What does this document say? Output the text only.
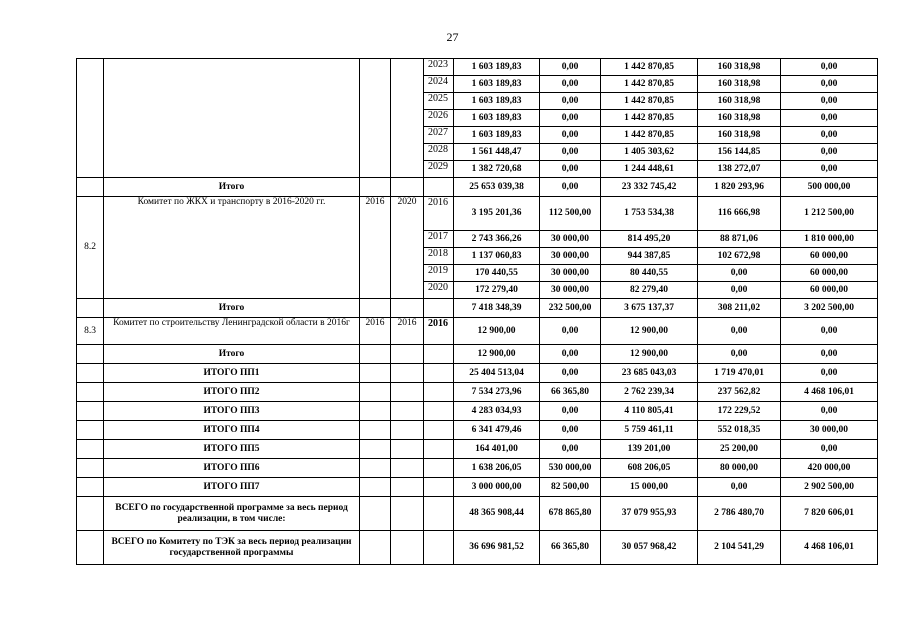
27
				2023	1 603 189,83	0,00	1 442 870,85	160 318,98	0,00
				2024	1 603 189,83	0,00	1 442 870,85	160 318,98	0,00
				2025	1 603 189,83	0,00	1 442 870,85	160 318,98	0,00
				2026	1 603 189,83	0,00	1 442 870,85	160 318,98	0,00
				2027	1 603 189,83	0,00	1 442 870,85	160 318,98	0,00
				2028	1 561 448,47	0,00	1 405 303,62	156 144,85	0,00
				2029	1 382 720,68	0,00	1 244 448,61	138 272,07	0,00
	Итого				25 653 039,38	0,00	23 332 745,42	1 820 293,96	500 000,00
8.2	Комитет по ЖКХ и транспорту в 2016-2020 гг.	2016	2020	2016	3 195 201,36	112 500,00	1 753 534,38	116 666,98	1 212 500,00
				2017	2 743 366,26	30 000,00	814 495,20	88 871,06	1 810 000,00
				2018	1 137 060,83	30 000,00	944 387,85	102 672,98	60 000,00
				2019	170 440,55	30 000,00	80 440,55	0,00	60 000,00
				2020	172 279,40	30 000,00	82 279,40	0,00	60 000,00
	Итого				7 418 348,39	232 500,00	3 675 137,37	308 211,02	3 202 500,00
8.3	Комитет по строительству Ленинградской области в 2016г	2016	2016	2016	12 900,00	0,00	12 900,00	0,00	0,00
	Итого				12 900,00	0,00	12 900,00	0,00	0,00
	ИТОГО ПП1				25 404 513,04	0,00	23 685 043,03	1 719 470,01	0,00
	ИТОГО ПП2				7 534 273,96	66 365,80	2 762 239,34	237 562,82	4 468 106,01
	ИТОГО ПП3				4 283 034,93	0,00	4 110 805,41	172 229,52	0,00
	ИТОГО ПП4				6 341 479,46	0,00	5 759 461,11	552 018,35	30 000,00
	ИТОГО ПП5				164 401,00	0,00	139 201,00	25 200,00	0,00
	ИТОГО ПП6				1 638 206,05	530 000,00	608 206,05	80 000,00	420 000,00
	ИТОГО ПП7				3 000 000,00	82 500,00	15 000,00	0,00	2 902 500,00
	ВСЕГО по государственной программе за весь период реализации, в том числе:				48 365 908,44	678 865,80	37 079 955,93	2 786 480,70	7 820 606,01
	ВСЕГО по Комитету по ТЭК за весь период реализации государственной программы				36 696 981,52	66 365,80	30 057 968,42	2 104 541,29	4 468 106,01
